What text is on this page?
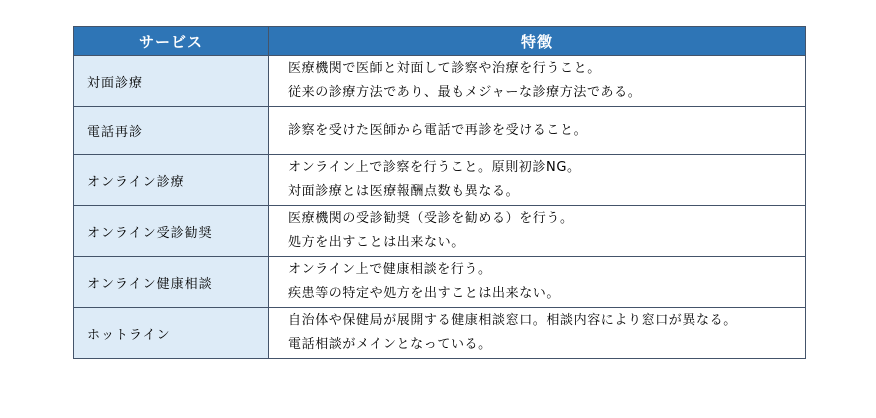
サービス	特徴
対面診療	医療機関で医師と対面して診察や治療を行うこと。
従来の診療方法であり、最もメジャーな診療方法である。

電話再診	診察を受けた医師から電話で再診を受けること。

オンライン診療	オンライン上で診察を行うこと。原則初診NG。
対面診療とは医療報酬点数も異なる。

オンライン受診勧奨	医療機関の受診勧奨（受診を勧める）を行う。
処方を出すことは出来ない。

オンライン健康相談	オンライン上で健康相談を行う。
疾患等の特定や処方を出すことは出来ない。

ホットライン	自治体や保健局が展開する健康相談窓口。相談内容により窓口が異なる。
電話相談がメインとなっている。
